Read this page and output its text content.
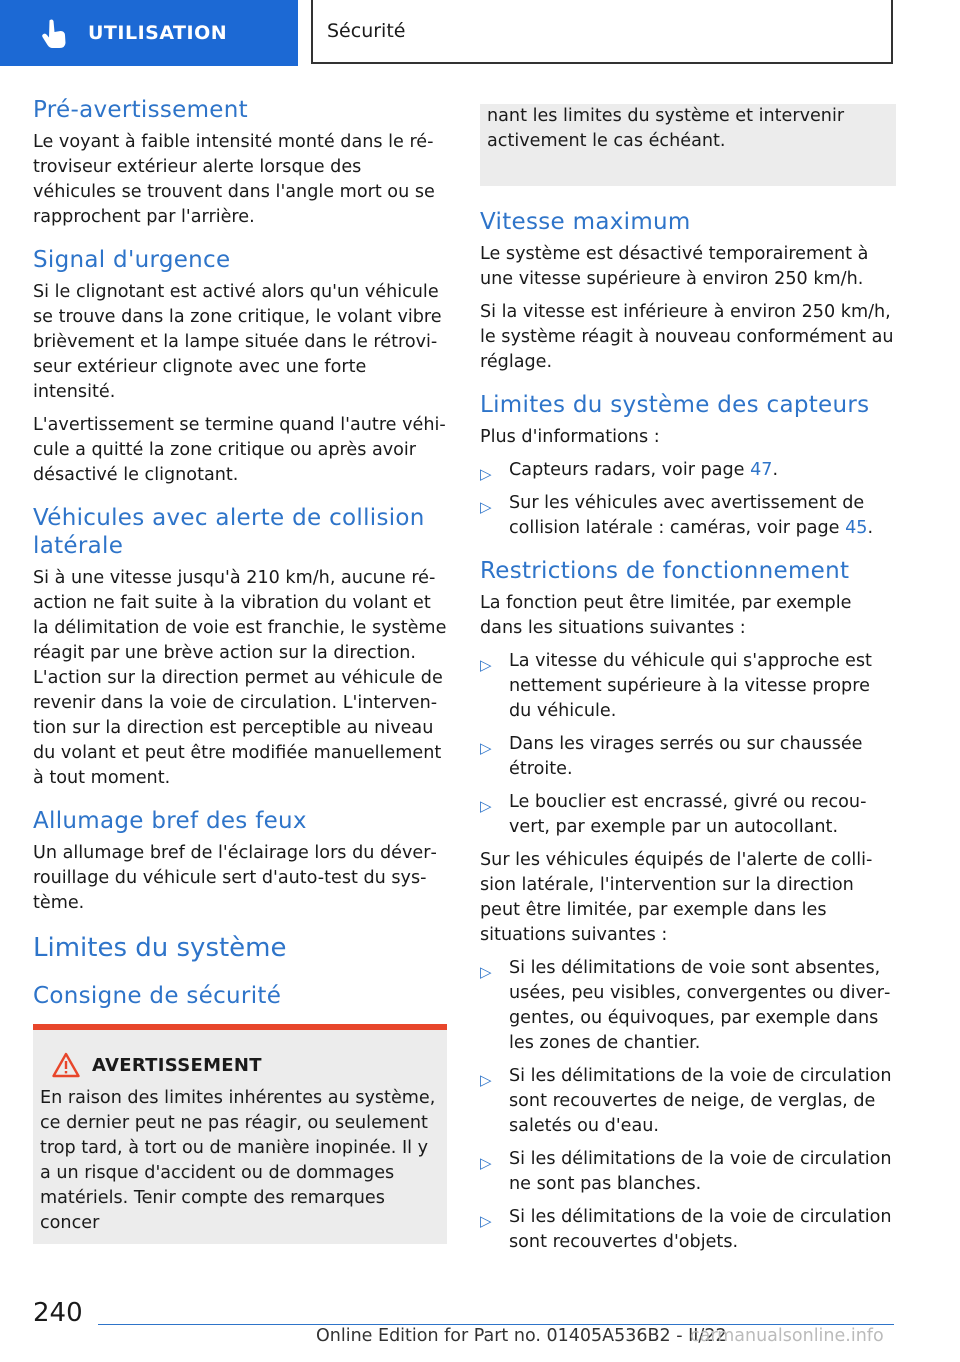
UTILISATION	Sécurité
Pré-avertissement

Le voyant à faible intensité monté dans le rétroviseur extérieur alerte lorsque des véhicules se trouvent dans l'angle mort ou se rapprochent par l'arrière.

Signal d'urgence

Si le clignotant est activé alors qu'un véhicule se trouve dans la zone critique, le volant vibre brièvement et la lampe située dans le rétroviseur extérieur clignote avec une forte intensité.

L'avertissement se termine quand l'autre véhicule a quitté la zone critique ou après avoir désactivé le clignotant.

Véhicules avec alerte de collision latérale

Si à une vitesse jusqu'à 210 km/h, aucune réaction ne fait suite à la vibration du volant et la délimitation de voie est franchie, le système réagit par une brève action sur la direction. L'action sur la direction permet au véhicule de revenir dans la voie de circulation. L'intervention sur la direction est perceptible au niveau du volant et peut être modifiée manuellement à tout moment.

Allumage bref des feux

Un allumage bref de l'éclairage lors du déverrouillage du véhicule sert d'auto-test du système.

Limites du système
Consigne de sécurité
AVERTISSEMENT

En raison des limites inhérentes au système, ce dernier peut ne pas réagir, ou seulement trop tard, à tort ou de manière inopinée. Il y a un risque d'accident ou de dommages matériels. Tenir compte des remarques concer

nant les limites du système et intervenir activement le cas échéant.

Vitesse maximum

Le système est désactivé temporairement à une vitesse supérieure à environ 250 km/h.

Si la vitesse est inférieure à environ 250 km/h, le système réagit à nouveau conformément au réglage.

Limites du système des capteurs

Plus d'informations :

▷ Capteurs radars, voir page 47.
▷ Sur les véhicules avec avertissement de collision latérale : caméras, voir page 45.
Restrictions de fonctionnement

La fonction peut être limitée, par exemple dans les situations suivantes :

▷ La vitesse du véhicule qui s'approche est nettement supérieure à la vitesse propre du véhicule.
▷ Dans les virages serrés ou sur chaussée étroite.
▷ Le bouclier est encrassé, givré ou recouvert, par exemple par un autocollant.

Sur les véhicules équipés de l'alerte de collision latérale, l'intervention sur la direction peut être limitée, par exemple dans les situations suivantes :

▷ Si les délimitations de voie sont absentes, usées, peu visibles, convergentes ou divergentes, ou équivoques, par exemple dans les zones de chantier.
▷ Si les délimitations de la voie de circulation sont recouvertes de neige, de verglas, de saletés ou d'eau.
▷ Si les délimitations de la voie de circulation ne sont pas blanches.
▷ Si les délimitations de la voie de circulation sont recouvertes d'objets.
240
Online Edition for Part no. 01405A536B2 - II/22
carmanualsonline.info
